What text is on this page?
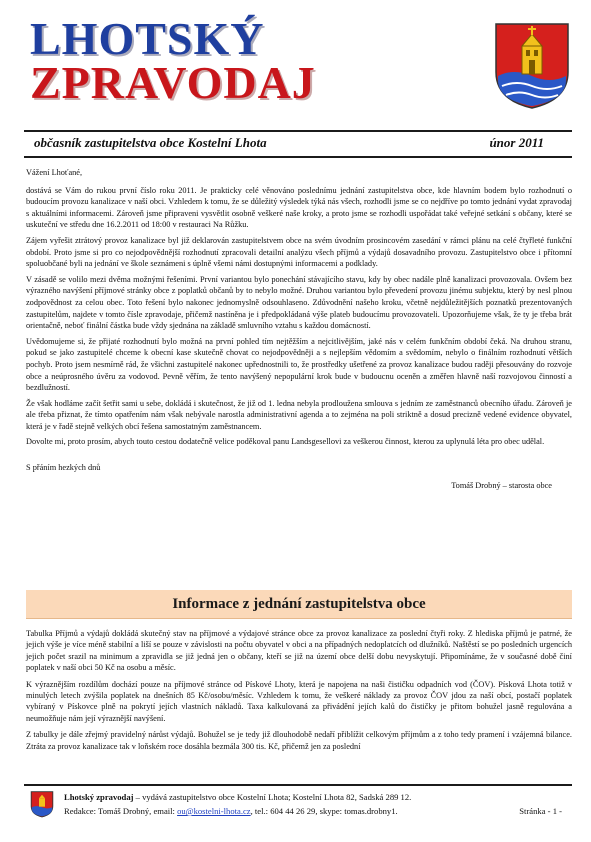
LHOTSKÝ
ZPRAVODAJ
občasník zastupitelstva obce Kostelní Lhota	únor 2011

Vážení Lhoťané,

dostává se Vám do rukou první číslo roku 2011. Je prakticky celé věnováno poslednímu jednání zastupitelstva obce, kde hlavním bodem bylo rozhodnutí o budoucím provozu kanalizace v naší obci. Vzhledem k tomu, že se důležitý výsledek týká nás všech, rozhodli jsme se co nejdříve po tomto jednání vydat zpravodaj s aktuálními informacemi. Zároveň jsme připraveni vysvětlit osobně veškeré naše kroky, a proto jsme se rozhodli uspořádat také veřejné setkání s občany, které se uskuteční ve středu dne 16.2.2011 od 18:00 v restauraci Na Růžku.

Zájem vyřešit ztrátový provoz kanalizace byl již deklarován zastupitelstvem obce na svém úvodním prosincovém zasedání v rámci plánu na celé čtyřleté funkční období. Proto jsme si pro co nejodpovědnější rozhodnutí zpracovali detailní analýzu všech příjmů a výdajů dosavadního provozu. Zastupitelstvo obce i přítomní spoluobčané byli na jednání ve škole seznámeni s úplně všemi námi dostupnými informacemi a podklady.

V zásadě se volilo mezi dvěma možnými řešeními. První variantou bylo ponechání stávajícího stavu, kdy by obec nadále plně kanalizaci provozovala. Ovšem bez výrazného navýšení příjmové stránky obce z poplatků občanů by to nebylo možné. Druhou variantou bylo převedení provozu jinému subjektu, který by nesl plnou zodpovědnost za celou obec. Toto řešení bylo nakonec jednomyslně odsouhlaseno. Zdůvodnění našeho kroku, včetně nejdůležitějších poznatků prezentovaných zastupitelům, najdete v tomto čísle zpravodaje, přičemž nastíněna je i předpokládaná výše plateb budoucímu provozovateli. Upozorňujeme však, že ty je třeba brát orientačně, neboť finální částka bude vždy sjednána na základě smluvního vztahu s každou domácností.

Uvědomujeme si, že přijaté rozhodnutí bylo možná na první pohled tím nejtěžším a nejcitlivějším, jaké nás v celém funkčním období čeká. Na druhou stranu, pokud se jako zastupitelé chceme k obecní kase skutečně chovat co nejodpovědněji a s nejlepším vědomím a svědomím, nebylo o finálním rozhodnutí větších pochyb. Proto jsem nesmírně rád, že všichni zastupitelé nakonec upřednostnili to, že prostředky ušetřené za provoz kanalizace budou raději přesouvány do rozvoje obce a neúprosného úvěru za vodovod. Pevně věřím, že tento navýšený nepopulární krok bude v budoucnu oceněn a změřen hlavně naší rozvojovou činností a bezdlužností.

Že však hodláme začít šetřit sami u sebe, dokládá i skutečnost, že již od 1. ledna nebyla prodloužena smlouva s jedním ze zaměstnanců obecního úřadu. Zároveň je ale třeba přiznat, že tímto opatřením nám však nebývale narostla administrativní agenda a to zejména na poli striktně a dosud precizně vedené evidence obyvatel, která je v řadě stejně velkých obcí řešena samostatným zaměstnancem.

Dovolte mi, proto prosím, abych touto cestou dodatečně velice poděkoval panu Landsgesellovi za veškerou činnost, kterou za uplynulá léta pro obec udělal.

S přáním hezkých dnů

Tomáš Drobný – starosta obce

Informace z jednání zastupitelstva obce

Tabulka Příjmů a výdajů dokládá skutečný stav na příjmové a výdajové stránce obce za provoz kanalizace za poslední čtyři roky. Z hlediska příjmů je patrné, že jejich výše je více méně stabilní a liší se pouze v závislosti na počtu obyvatel v obci a na případných nedoplatcích od dlužníků. Naštěstí se po posledních urgencích jejich počet srazil na minimum a zpravidla se již jedná jen o občany, kteří se již na území obce delší dobu nevyskytují. Připomínáme, že v současné době činí poplatek v naší obci 50 Kč na osobu a měsíc.

K výraznějším rozdílům dochází pouze na příjmové stránce od Pískové Lhoty, která je napojena na naši čističku odpadních vod (ČOV). Písková Lhota totiž v minulých letech zvýšila poplatek na dnešních 85 Kč/osobu/měsíc. Vzhledem k tomu, že veškeré náklady za provoz ČOV jdou za naší obcí, postačí poplatek vybíraný v Pískovce plně na pokrytí jejích vlastních nákladů. Taxa kalkulovaná za přivádění jejích kalů do čističky je přitom bohužel jasně regulována a neumožňuje nám její výraznější navýšení.

Z tabulky je dále zřejmý pravidelný nárůst výdajů. Bohužel se je tedy již dlouhodobě nedaří přiblížit celkovým příjmům a z toho tedy pramení i vzájemná bilance. Ztráta za provoz kanalizace tak v loňském roce dosáhla bezmála 300 tis. Kč, přičemž jen za poslední

Lhotský zpravodaj – vydává zastupitelstvo obce Kostelní Lhota; Kostelní Lhota 82, Sadská 289 12.
Redakce: Tomáš Drobný, email: ou@kostelni-lhota.cz, tel.: 604 44 26 29, skype: tomas.drobny1.	Stránka - 1 -
